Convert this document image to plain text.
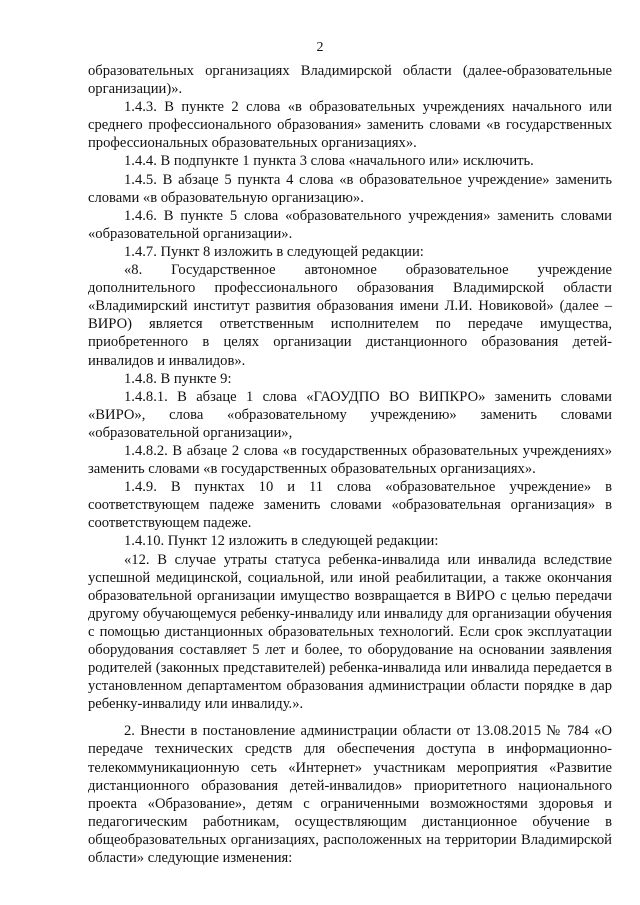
2

образовательных организациях Владимирской области (далее-образовательные организации)».

1.4.3. В пункте 2 слова «в образовательных учреждениях начального или среднего профессионального образования» заменить словами «в государственных профессиональных образовательных организациях».

1.4.4. В подпункте 1 пункта 3 слова «начального или» исключить.

1.4.5. В абзаце 5 пункта 4 слова «в образовательное учреждение» заменить словами «в образовательную организацию».

1.4.6. В пункте 5 слова «образовательного учреждения» заменить словами «образовательной организации».

1.4.7. Пункт 8 изложить в следующей редакции:

«8. Государственное автономное образовательное учреждение дополнительного профессионального образования Владимирской области «Владимирский институт развития образования имени Л.И. Новиковой» (далее – ВИРО) является ответственным исполнителем по передаче имущества, приобретенного в целях организации дистанционного образования детей-инвалидов и инвалидов».

1.4.8. В пункте 9:

1.4.8.1. В абзаце 1 слова «ГАОУДПО ВО ВИПКРО» заменить словами «ВИРО», слова «образовательному учреждению» заменить словами «образовательной организации»,

1.4.8.2. В абзаце 2 слова «в государственных образовательных учреждениях» заменить словами «в государственных образовательных организациях».

1.4.9. В пунктах 10 и 11 слова «образовательное учреждение» в соответствующем падеже заменить словами «образовательная организация» в соответствующем падеже.

1.4.10. Пункт 12 изложить в следующей редакции:

«12. В случае утраты статуса ребенка-инвалида или инвалида вследствие успешной медицинской, социальной, или иной реабилитации, а также окончания образовательной организации имущество возвращается в ВИРО с целью передачи другому обучающемуся ребенку-инвалиду или инвалиду для организации обучения с помощью дистанционных образовательных технологий. Если срок эксплуатации оборудования составляет 5 лет и более, то оборудование на основании заявления родителей (законных представителей) ребенка-инвалида или инвалида передается в установленном департаментом образования администрации области порядке в дар ребенку-инвалиду или инвалиду.».

2. Внести в постановление администрации области от 13.08.2015 № 784 «О передаче технических средств для обеспечения доступа в информационно-телекоммуникационную сеть «Интернет» участникам мероприятия «Развитие дистанционного образования детей-инвалидов» приоритетного национального проекта «Образование», детям с ограниченными возможностями здоровья и педагогическим работникам, осуществляющим дистанционное обучение в общеобразовательных организациях, расположенных на территории Владимирской области» следующие изменения:
